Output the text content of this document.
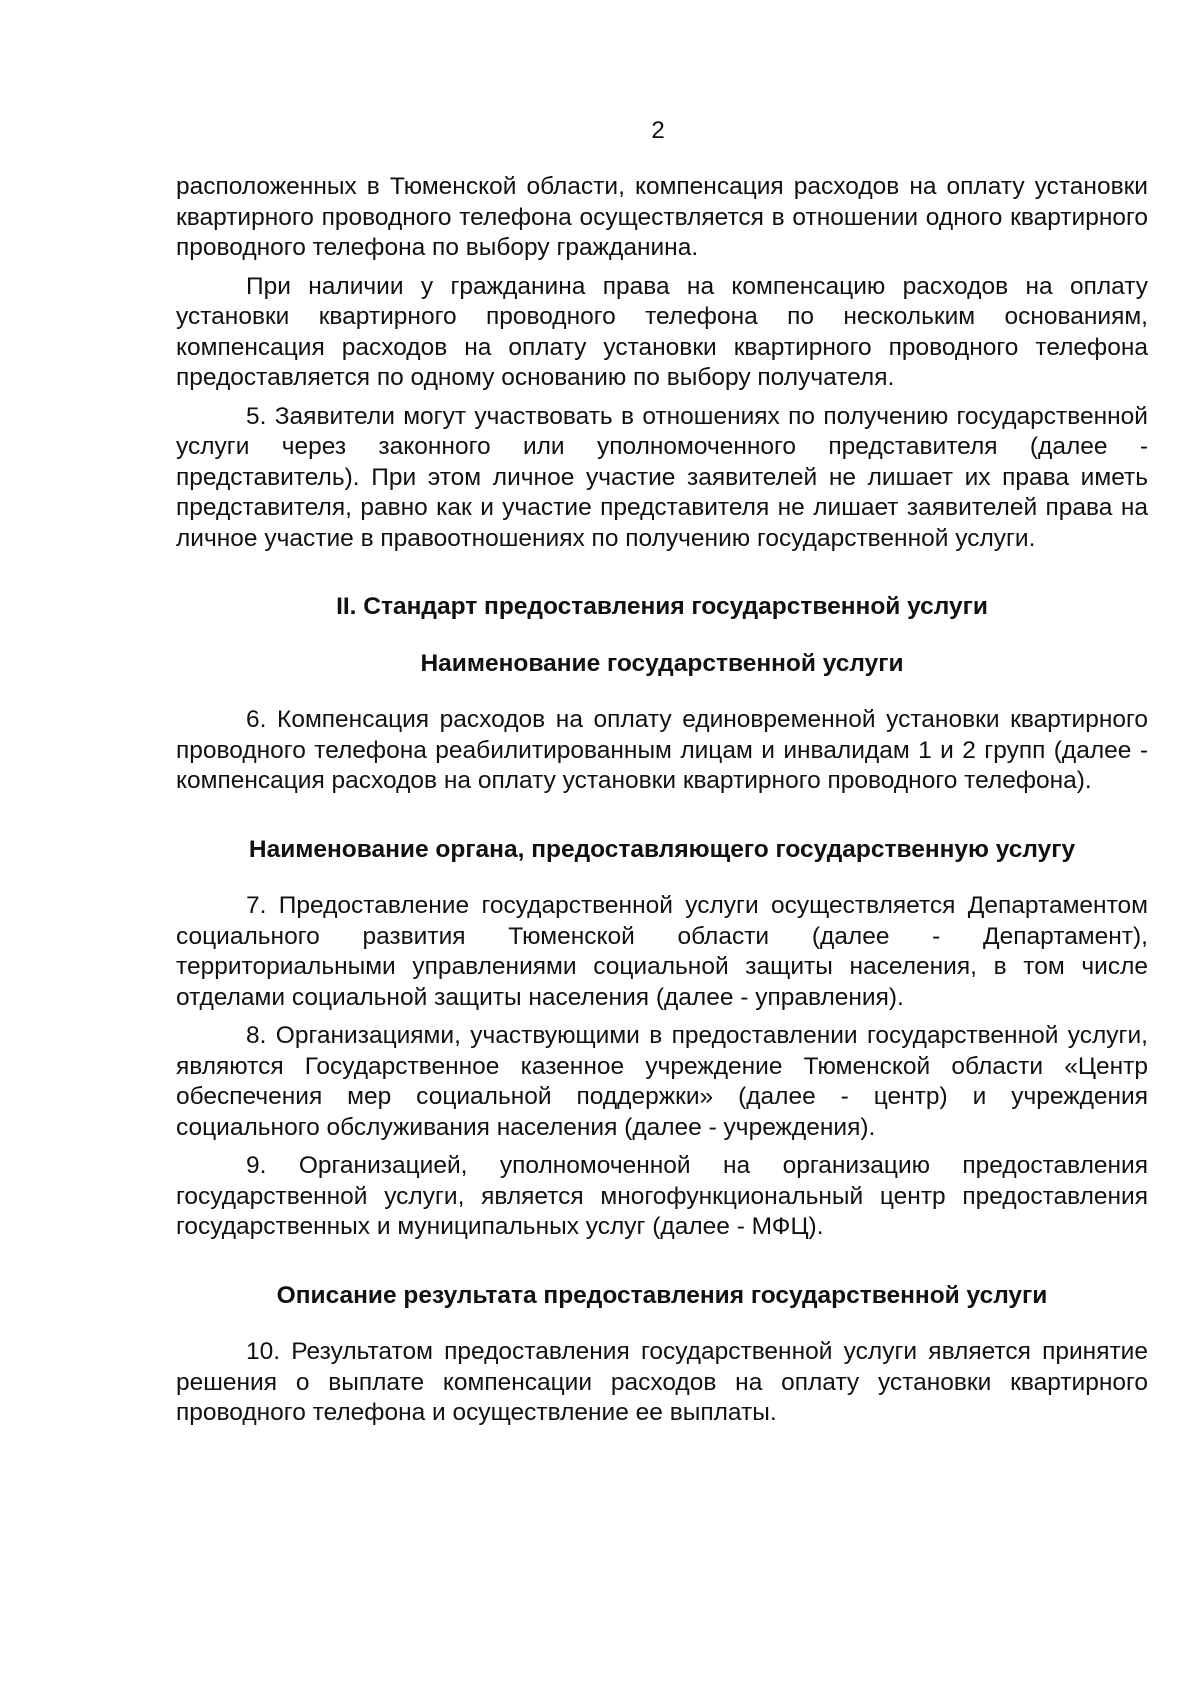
2

расположенных в Тюменской области, компенсация расходов на оплату установки квартирного проводного телефона осуществляется в отношении одного квартирного проводного телефона по выбору гражданина.

При наличии у гражданина права на компенсацию расходов на оплату установки квартирного проводного телефона по нескольким основаниям, компенсация расходов на оплату установки квартирного проводного телефона предоставляется по одному основанию по выбору получателя.

5. Заявители могут участвовать в отношениях по получению государственной услуги через законного или уполномоченного представителя (далее - представитель). При этом личное участие заявителей не лишает их права иметь представителя, равно как и участие представителя не лишает заявителей права на личное участие в правоотношениях по получению государственной услуги.

II. Стандарт предоставления государственной услуги
Наименование государственной услуги

6. Компенсация расходов на оплату единовременной установки квартирного проводного телефона реабилитированным лицам и инвалидам 1 и 2 групп (далее - компенсация расходов на оплату установки квартирного проводного телефона).

Наименование органа, предоставляющего государственную услугу

7. Предоставление государственной услуги осуществляется Департаментом социального развития Тюменской области (далее - Департамент), территориальными управлениями социальной защиты населения, в том числе отделами социальной защиты населения (далее - управления).

8. Организациями, участвующими в предоставлении государственной услуги, являются Государственное казенное учреждение Тюменской области «Центр обеспечения мер социальной поддержки» (далее - центр) и учреждения социального обслуживания населения (далее - учреждения).

9. Организацией, уполномоченной на организацию предоставления государственной услуги, является многофункциональный центр предоставления государственных и муниципальных услуг (далее - МФЦ).

Описание результата предоставления государственной услуги

10. Результатом предоставления государственной услуги является принятие решения о выплате компенсации расходов на оплату установки квартирного проводного телефона и осуществление ее выплаты.
